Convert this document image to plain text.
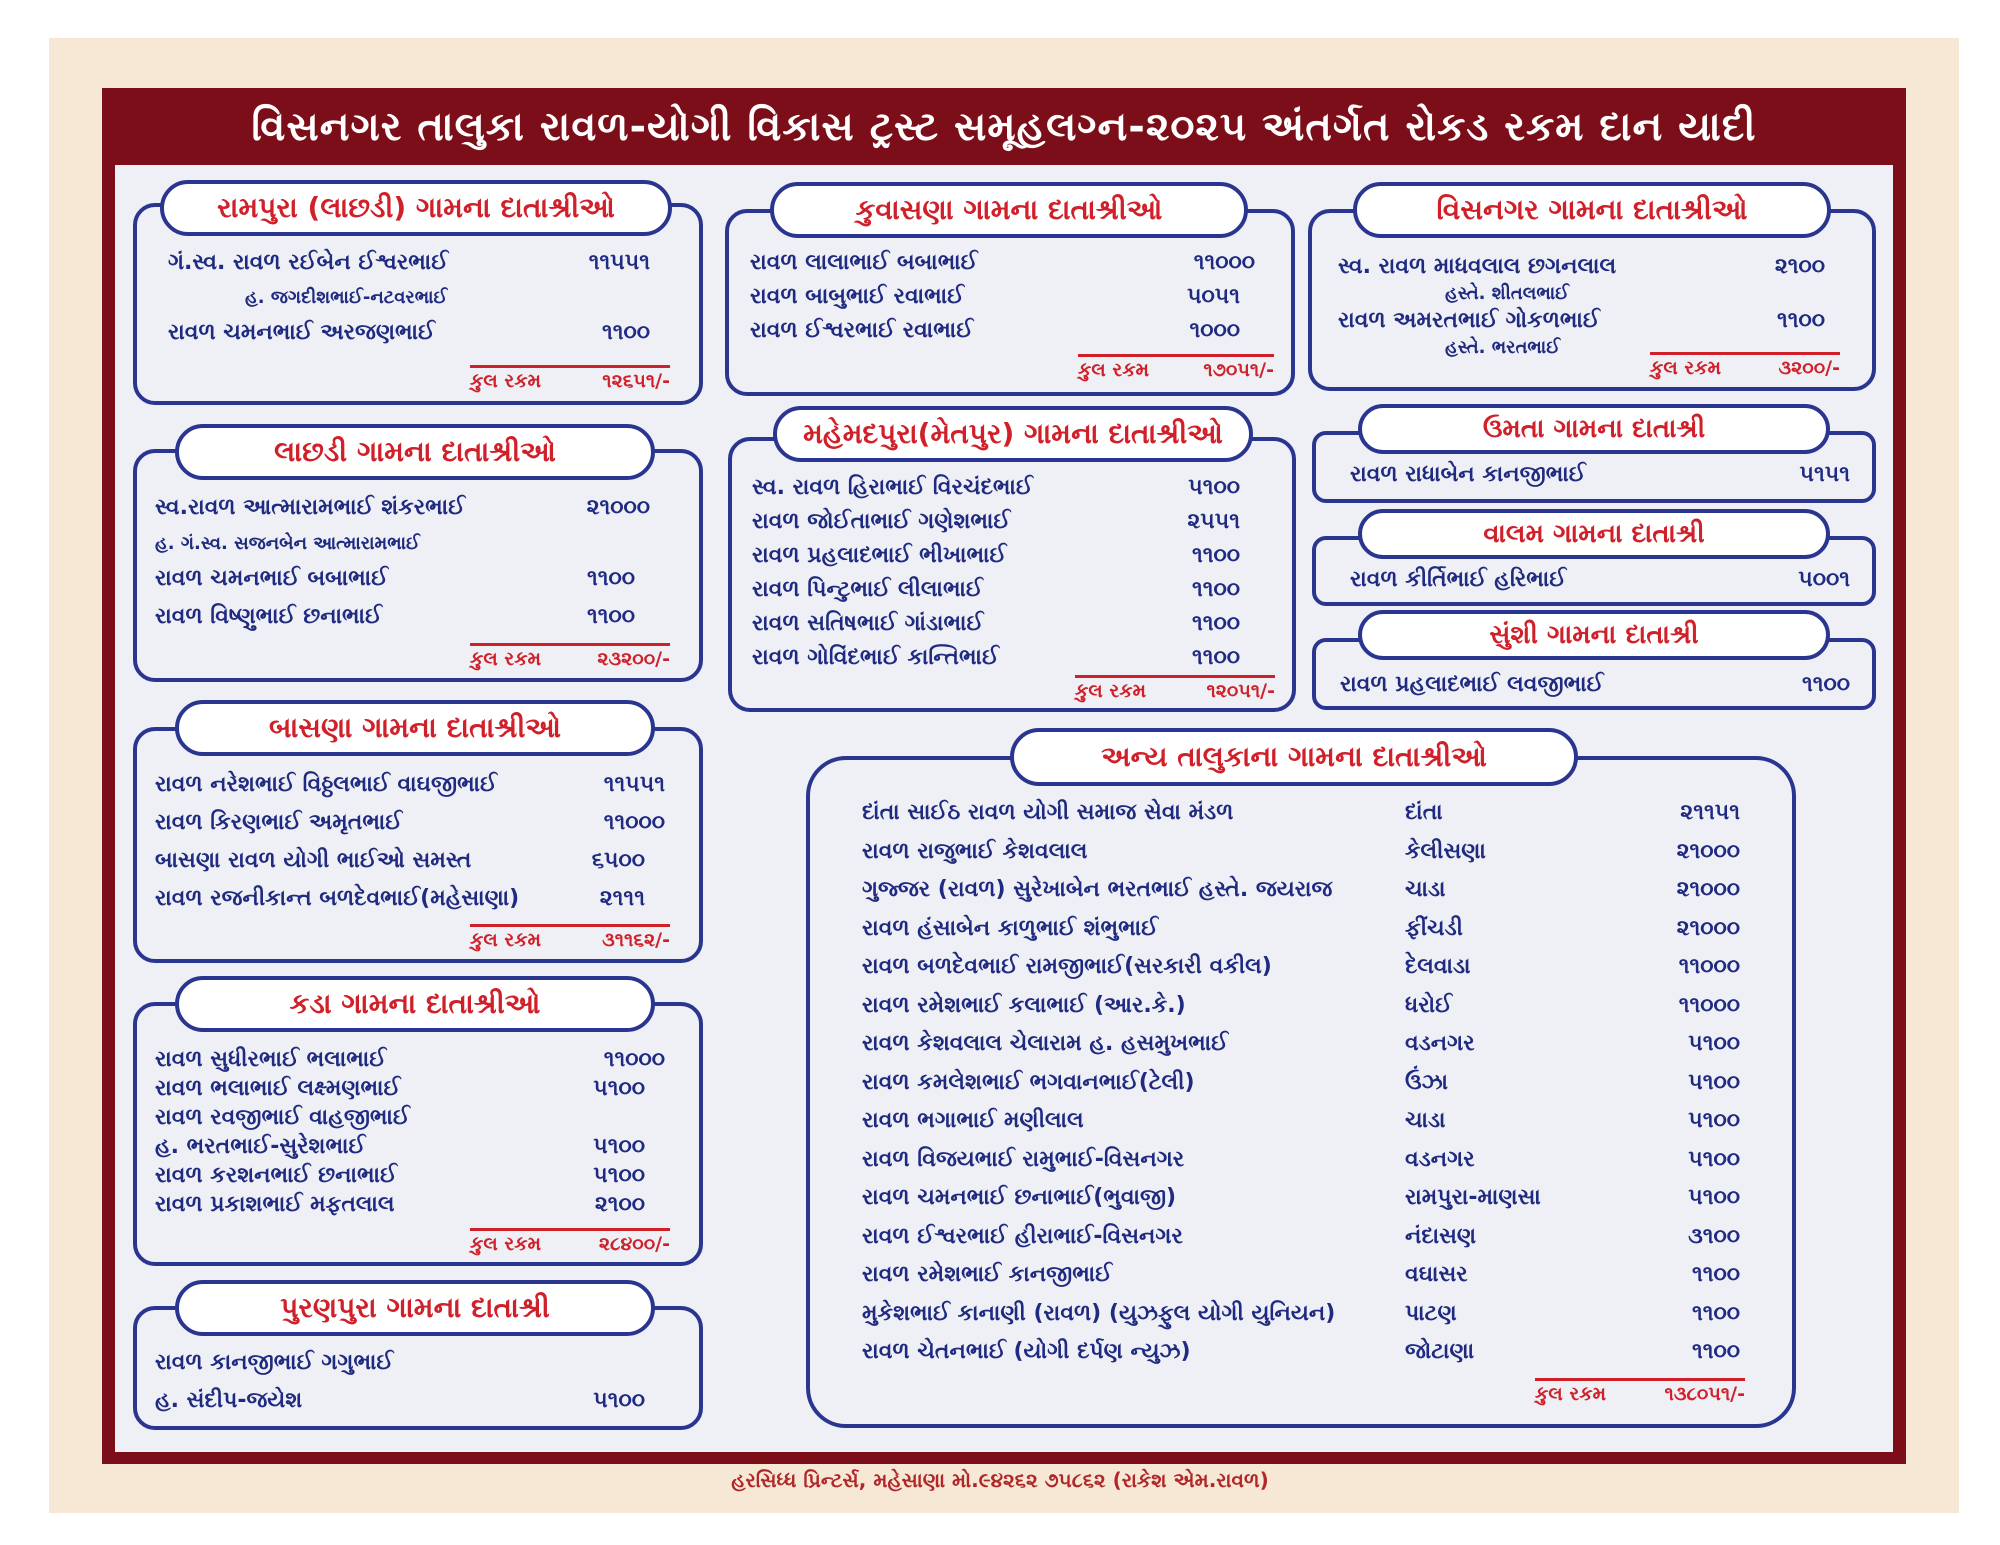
વિસનગર તાલુકા રાવળ-યોગી વિકાસ ટ્રસ્ટ સમૂહલગ્ન-૨૦૨૫ અંતર્ગત રોકડ રકમ દાન યાદી
રામપુરા (લાછડી) ગામના દાતાશ્રીઓ
ગં.સ્વ. રાવળ રઈબેન ઈશ્વરભાઈ	૧૧૫૫૧
હ. જગદીશભાઈ-નટવરભાઈ
રાવળ ચમનભાઈ અરજણભાઈ	૧૧૦૦
કુલ રકમ	૧૨૬૫૧/-
લાછડી ગામના દાતાશ્રીઓ
સ્વ.રાવળ આત્મારામભાઈ શંકરભાઈ	૨૧૦૦૦
હ. ગં.સ્વ. સજનબેન આત્મારામભાઈ
રાવળ ચમનભાઈ બબાભાઈ	૧૧૦૦
રાવળ વિષ્ણુભાઈ છનાભાઈ	૧૧૦૦
કુલ રકમ	૨૩૨૦૦/-
બાસણા ગામના દાતાશ્રીઓ
રાવળ નરેશભાઈ વિઠ્ઠલભાઈ વાઘજીભાઈ	૧૧૫૫૧
રાવળ કિરણભાઈ અમૃતભાઈ	૧૧૦૦૦
બાસણા રાવળ યોગી ભાઈઓ સમસ્ત	૬૫૦૦
રાવળ રજનીકાન્ત બળદેવભાઈ(મહેસાણા)	૨૧૧૧
કુલ રકમ	૩૧૧૬૨/-
કડા ગામના દાતાશ્રીઓ
રાવળ સુધીરભાઈ ભલાભાઈ	૧૧૦૦૦
રાવળ ભલાભાઈ લક્ષ્મણભાઈ	૫૧૦૦
રાવળ રવજીભાઈ વાહજીભાઈ
હ. ભરતભાઈ-સુરેશભાઈ	૫૧૦૦
રાવળ કરશનભાઈ છનાભાઈ	૫૧૦૦
રાવળ પ્રકાશભાઈ મફતલાલ	૨૧૦૦
કુલ રકમ	૨૮૪૦૦/-
પુરણપુરા ગામના દાતાશ્રી
રાવળ કાનજીભાઈ ગગુભાઈ
હ. સંદીપ-જયેશ	૫૧૦૦
કુવાસણા ગામના દાતાશ્રીઓ
રાવળ લાલાભાઈ બબાભાઈ	૧૧૦૦૦
રાવળ બાબુભાઈ રવાભાઈ	૫૦૫૧
રાવળ ઈશ્વરભાઈ રવાભાઈ	૧૦૦૦
કુલ રકમ	૧૭૦૫૧/-
મહેમદપુરા(મેતપુર) ગામના દાતાશ્રીઓ
સ્વ. રાવળ હિરાભાઈ વિરચંદભાઈ	૫૧૦૦
રાવળ જોઈતાભાઈ ગણેશભાઈ	૨૫૫૧
રાવળ પ્રહલાદભાઈ ભીખાભાઈ	૧૧૦૦
રાવળ પિન્ટુભાઈ લીલાભાઈ	૧૧૦૦
રાવળ સતિષભાઈ ગાંડાભાઈ	૧૧૦૦
રાવળ ગોવિંદભાઈ કાન્તિભાઈ	૧૧૦૦
કુલ રકમ	૧૨૦૫૧/-
વિસનગર ગામના દાતાશ્રીઓ
સ્વ. રાવળ માધવલાલ છગનલાલ	૨૧૦૦
હસ્તે. શીતલભાઈ
રાવળ અમરતભાઈ ગોકળભાઈ	૧૧૦૦
હસ્તે. ભરતભાઈ
કુલ રકમ	૩૨૦૦/-
ઉમતા ગામના દાતાશ્રી
રાવળ રાધાબેન કાનજીભાઈ	૫૧૫૧
વાલમ ગામના દાતાશ્રી
રાવળ કીર્તિભાઈ હરિભાઈ	૫૦૦૧
સુંશી ગામના દાતાશ્રી
રાવળ પ્રહલાદભાઈ લવજીભાઈ	૧૧૦૦
અન્ય તાલુકાના ગામના દાતાશ્રીઓ
દાંતા સાઈઠ રાવળ યોગી સમાજ સેવા મંડળ	દાંતા	૨૧૧૫૧
રાવળ રાજુભાઈ કેશવલાલ	કેલીસણા	૨૧૦૦૦
ગુજ્જર (રાવળ) સુરેખાબેન ભરતભાઈ હસ્તે. જયરાજ	ચાડા	૨૧૦૦૦
રાવળ હંસાબેન કાળુભાઈ શંભુભાઈ	ફીંચડી	૨૧૦૦૦
રાવળ બળદેવભાઈ રામજીભાઈ(સરકારી વકીલ)	દેલવાડા	૧૧૦૦૦
રાવળ રમેશભાઈ કલાભાઈ (આર.કે.)	ધરોઈ	૧૧૦૦૦
રાવળ કેશવલાલ ચેલારામ હ. હસમુખભાઈ	વડનગર	૫૧૦૦
રાવળ કમલેશભાઈ ભગવાનભાઈ(ટેલી)	ઉંઝા	૫૧૦૦
રાવળ ભગાભાઈ મણીલાલ	ચાડા	૫૧૦૦
રાવળ વિજયભાઈ રામુભાઈ-વિસનગર	વડનગર	૫૧૦૦
રાવળ ચમનભાઈ છનાભાઈ(ભુવાજી)	રામપુરા-માણસા	૫૧૦૦
રાવળ ઈશ્વરભાઈ હીરાભાઈ-વિસનગર	નંદાસણ	૩૧૦૦
રાવળ રમેશભાઈ કાનજીભાઈ	વઘાસર	૧૧૦૦
મુકેશભાઈ કાનાણી (રાવળ) (યુઝફુલ યોગી યુનિયન)	પાટણ	૧૧૦૦
રાવળ ચેતનભાઈ (યોગી દર્પણ ન્યુઝ)	જોટાણા	૧૧૦૦
કુલ રકમ	૧૩૮૦૫૧/-
હરસિધ્ધ પ્રિન્ટર્સ, મહેસાણા મો.૯૪૨૬૨ ૭૫૮૬૨ (રાકેશ એમ.રાવળ)
